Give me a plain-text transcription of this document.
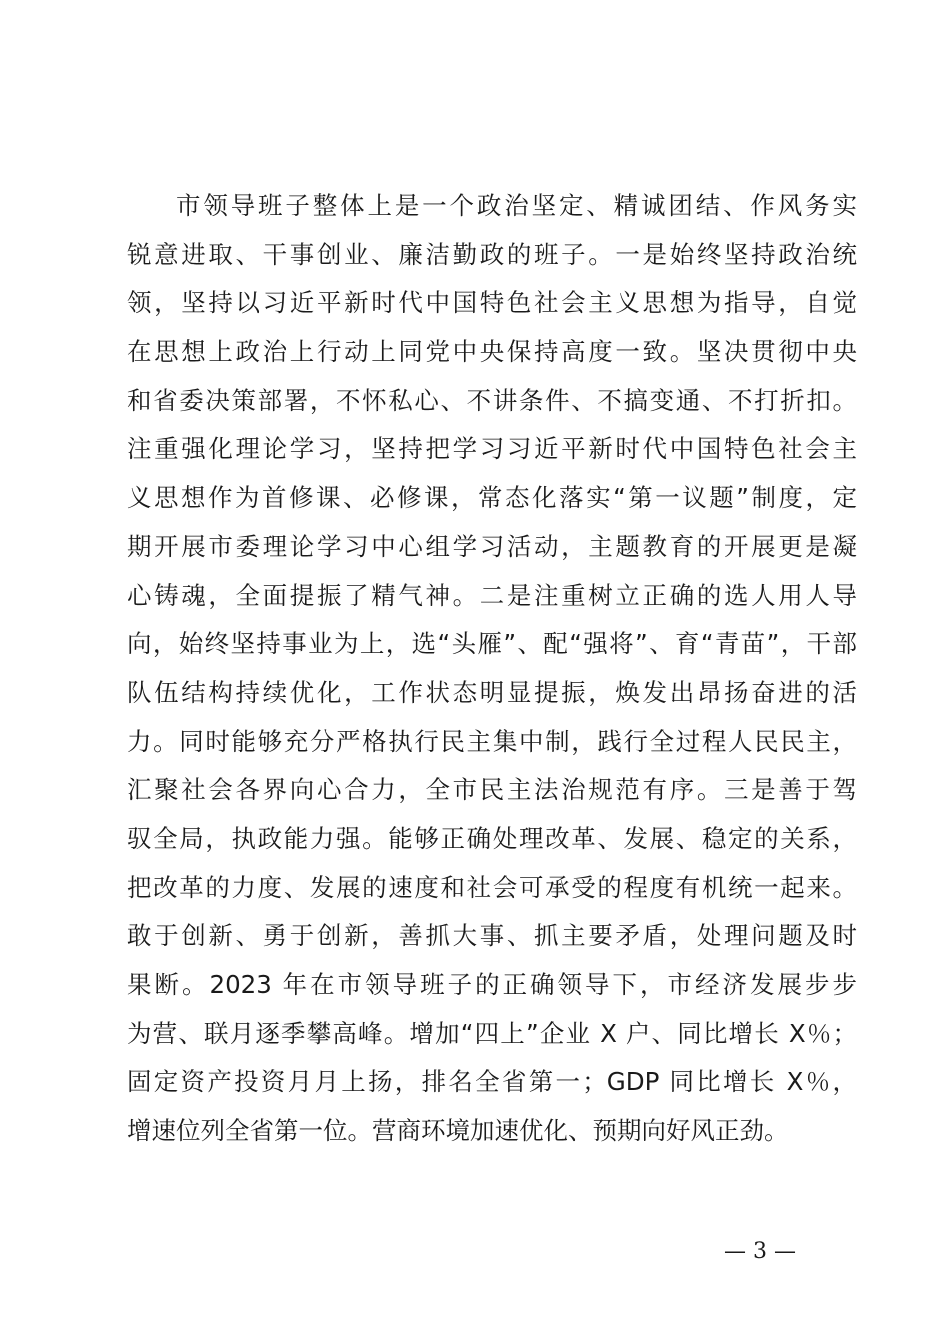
市领导班子整体上是一个政治坚定、精诚团结、作风务实
锐意进取、干事创业、廉洁勤政的班子。一是始终坚持政治统
领，坚持以习近平新时代中国特色社会主义思想为指导，自觉
在思想上政治上行动上同党中央保持高度一致。坚决贯彻中央
和省委决策部署，不怀私心、不讲条件、不搞变通、不打折扣。
注重强化理论学习，坚持把学习习近平新时代中国特色社会主
义思想作为首修课、必修课，常态化落实“第一议题”制度，定
期开展市委理论学习中心组学习活动，主题教育的开展更是凝
心铸魂，全面提振了精气神。二是注重树立正确的选人用人导
向，始终坚持事业为上，选“头雁”、配“强将”、育“青苗”，干部
队伍结构持续优化，工作状态明显提振，焕发出昂扬奋进的活
力。同时能够充分严格执行民主集中制，践行全过程人民民主，
汇聚社会各界向心合力，全市民主法治规范有序。三是善于驾
驭全局，执政能力强。能够正确处理改革、发展、稳定的关系，
把改革的力度、发展的速度和社会可承受的程度有机统一起来。
敢于创新、勇于创新，善抓大事、抓主要矛盾，处理问题及时
果断。2023 年在市领导班子的正确领导下，市经济发展步步
为营、联月逐季攀高峰。增加“四上”企业 X 户、同比增长 X％；
固定资产投资月月上扬，排名全省第一；GDP 同比增长 X％，
增速位列全省第一位。营商环境加速优化、预期向好风正劲。
— 3 —
